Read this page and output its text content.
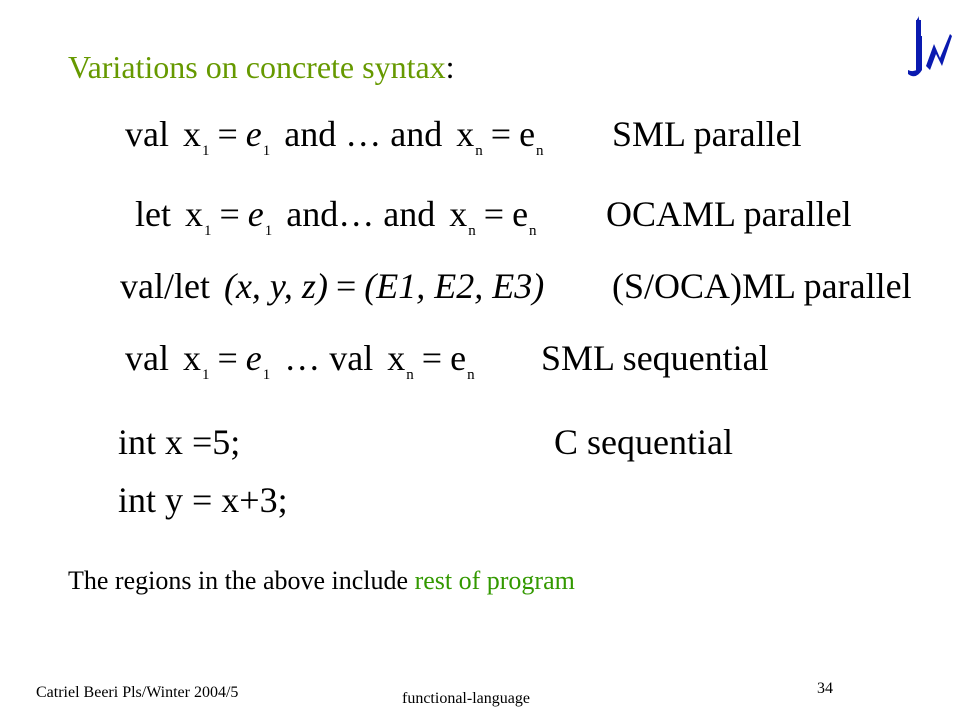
Variations on concrete syntax:
val $x_1 = e_1$ and … and $x_n = e_n$ SML parallel
let $x_1 = e_1$ and… and $x_n = e_n$ OCAML parallel
val/let (x, y, z) = (E1, E2, E3) (S/OCA)ML parallel
val $x_1 = e_1$ … val $x_n = e_n$ SML sequential
int x =5;
int y = x+3;
C sequential
The regions in the above include rest of program
Catriel Beeri Pls/Winter 2004/5	functional-language
34
